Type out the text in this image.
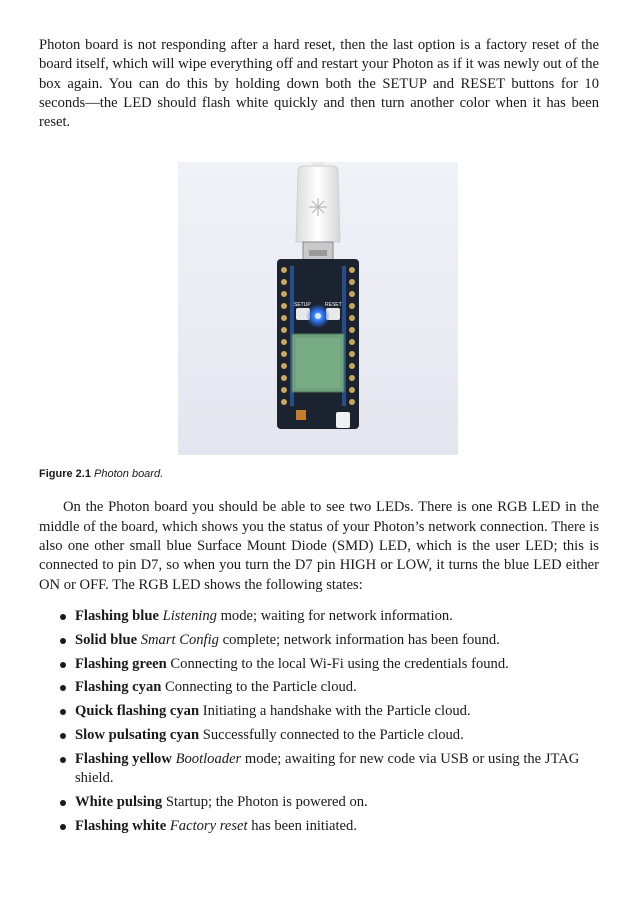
Photon board is not responding after a hard reset, then the last option is a factory reset of the board itself, which will wipe everything off and restart your Photon as if it was newly out of the box again. You can do this by holding down both the SETUP and RESET buttons for 10 seconds—the LED should flash white quickly and then turn another color when it has been reset.

SETUP	RESET

Figure 2.1 Photon board.

On the Photon board you should be able to see two LEDs. There is one RGB LED in the middle of the board, which shows you the status of your Photon’s network connection. There is also one other small blue Surface Mount Diode (SMD) LED, which is the user LED; this is connected to pin D7, so when you turn the D7 pin HIGH or LOW, it turns the blue LED either ON or OFF. The RGB LED shows the following states:

Flashing blue Listening mode; waiting for network information.
Solid blue Smart Config complete; network information has been found.
Flashing green Connecting to the local Wi-Fi using the credentials found.
Flashing cyan Connecting to the Particle cloud.
Quick flashing cyan Initiating a handshake with the Particle cloud.
Slow pulsating cyan Successfully connected to the Particle cloud.
Flashing yellow Bootloader mode; awaiting for new code via USB or using the JTAG shield.
White pulsing Startup; the Photon is powered on.
Flashing white Factory reset has been initiated.
